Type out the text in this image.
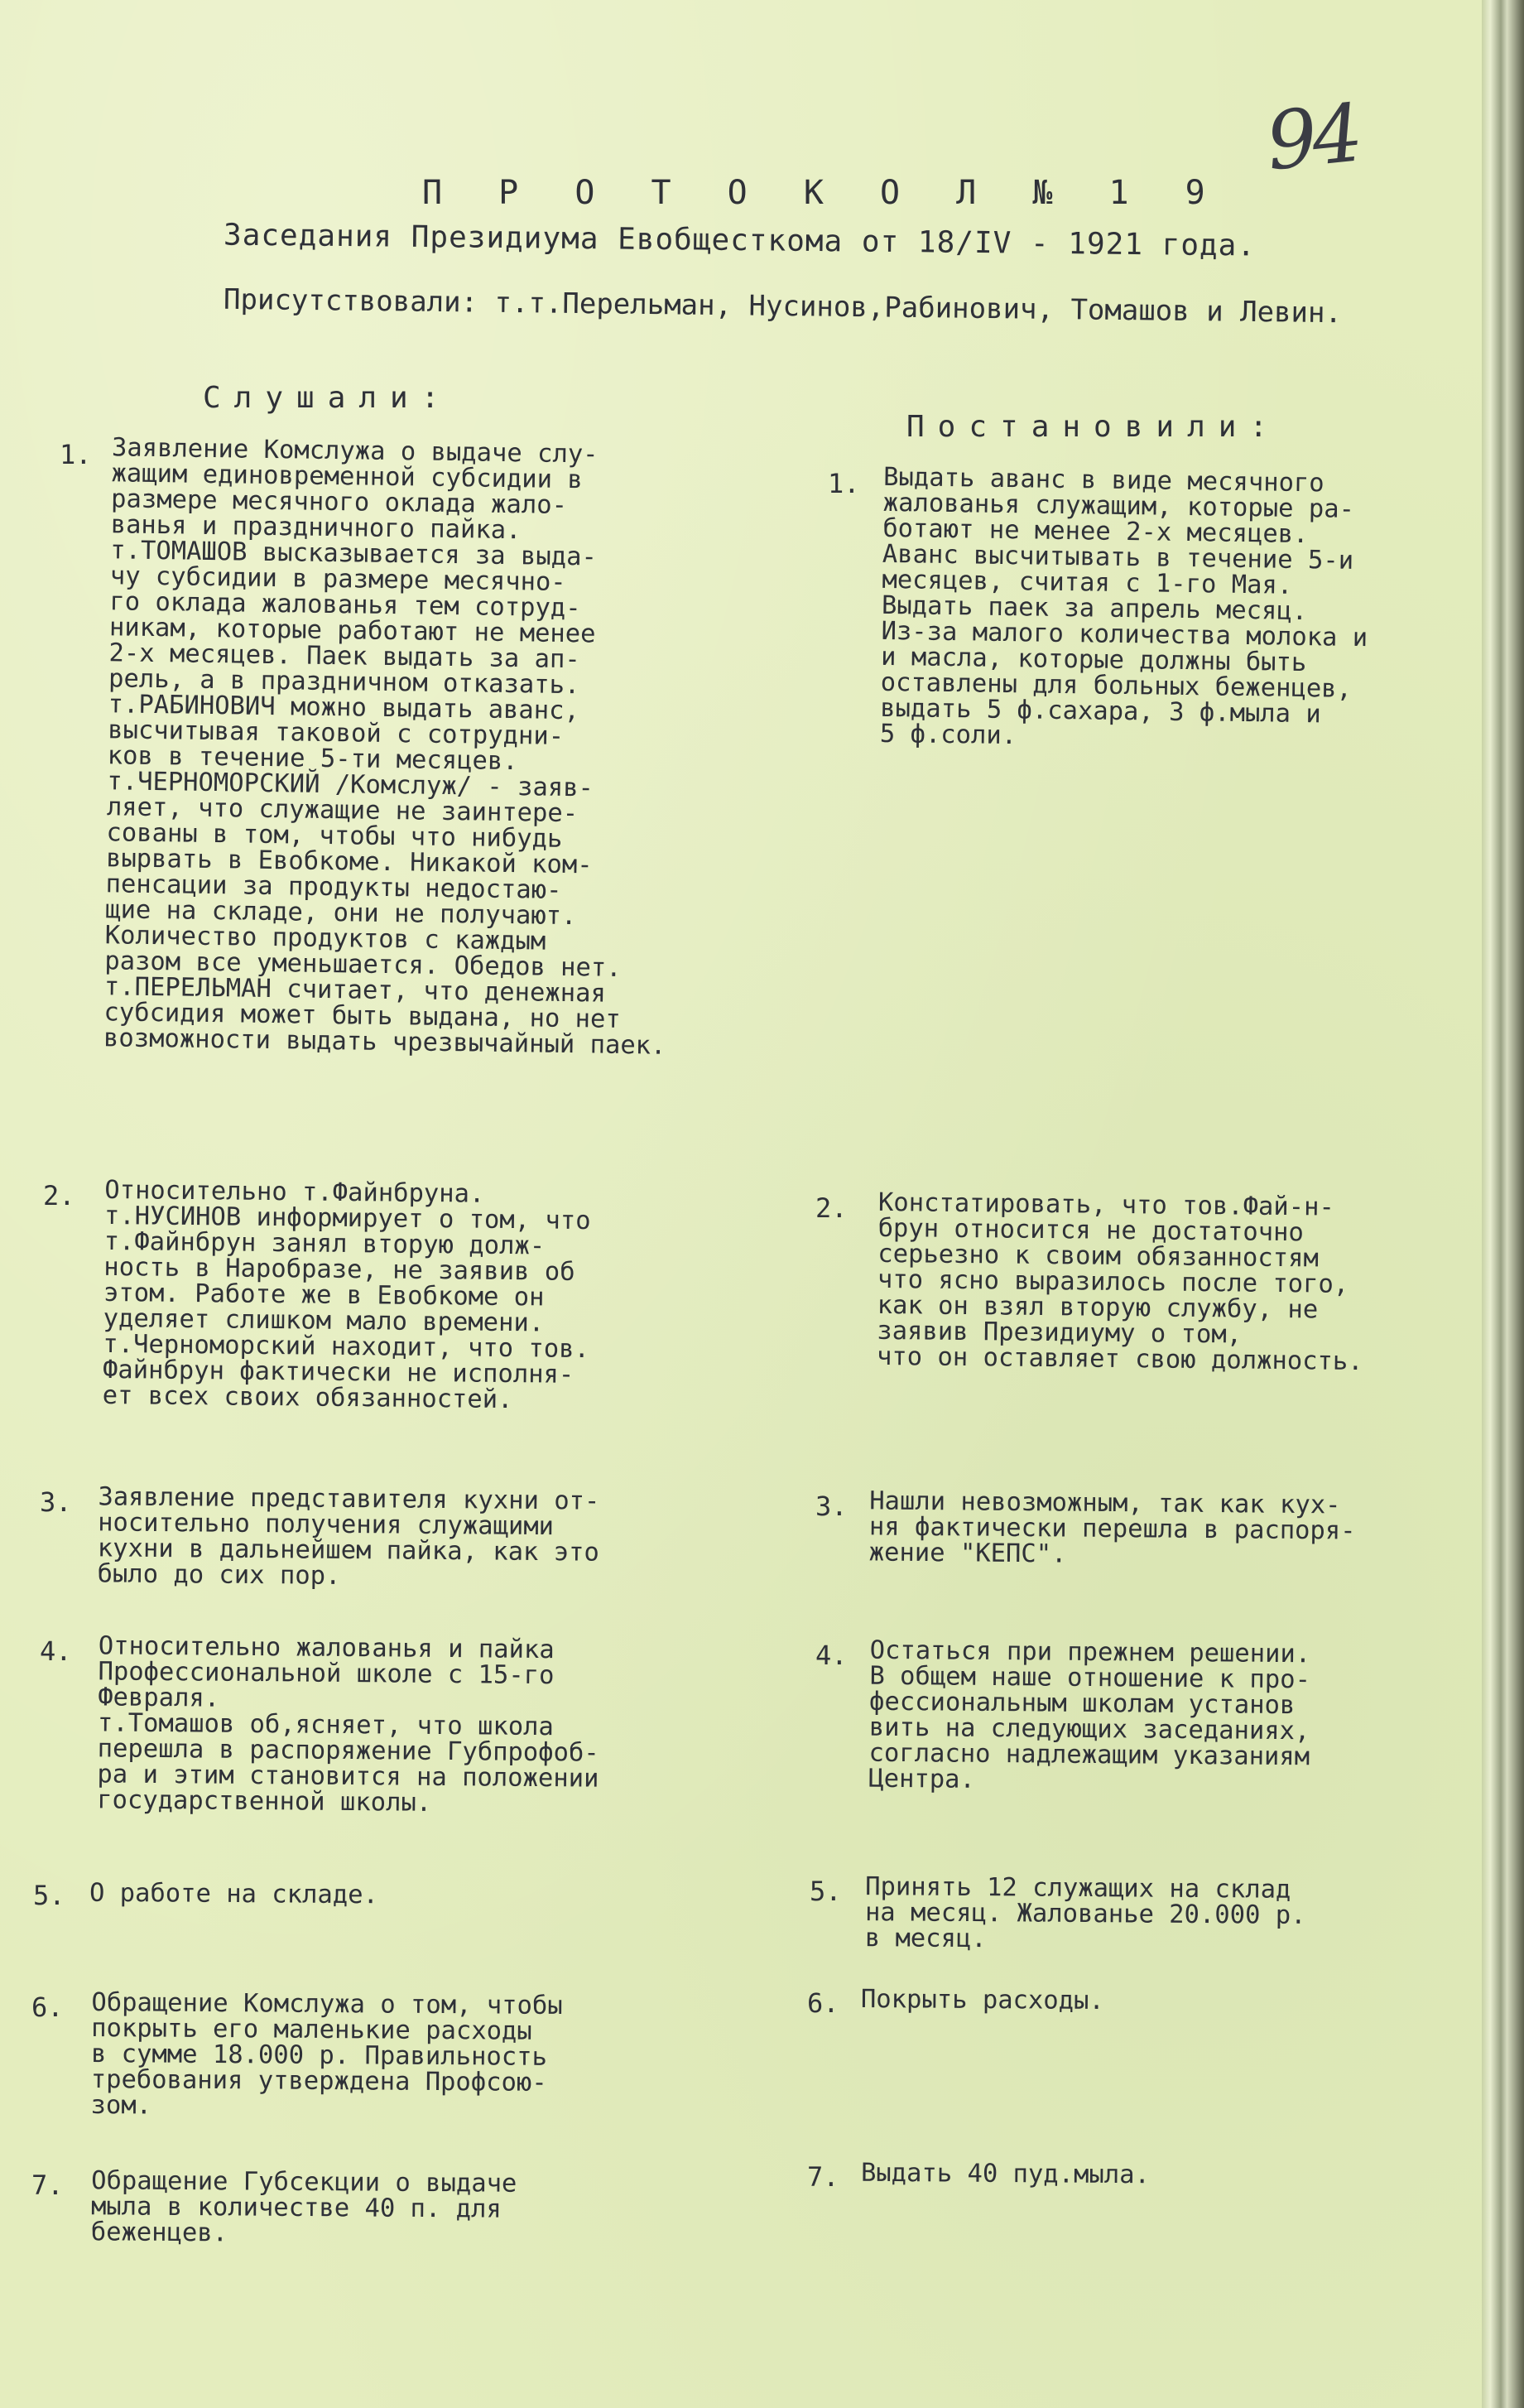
94
П Р О Т О К О Л № 1 9
Заседания Президиума Евобщесткома от 18/IV - 1921 года.
Присутствовали: т.т.Перельман, Нусинов,Рабинович, Томашов и Левин.
Слушали:
Постановили:
1. Заявление Комслужа о выдаче слу-
жащим единовременной субсидии в
размере месячного оклада жало-
ванья и праздничного пайка.
т.ТОМАШОВ высказывается за выда-
чу субсидии в размере месячно-
го оклада жалованья тем сотруд-
никам, которые работают не менее
2-х месяцев. Паек выдать за ап-
рель, а в праздничном отказать.
т.РАБИНОВИЧ можно выдать аванс,
высчитывая таковой с сотрудни-
ков в течение 5-ти месяцев.
т.ЧЕРНОМОРСКИЙ /Комслуж/ - заяв-
ляет, что служащие не заинтере-
сованы в том, чтобы что нибудь
вырвать в Евобкоме. Никакой ком-
пенсации за продукты недостаю-
щие на складе, они не получают.
Количество продуктов с каждым
разом все уменьшается. Обедов нет.
т.ПЕРЕЛЬМАН считает, что денежная
субсидия может быть выдана, но нет
возможности выдать чрезвычайный паек.
1. Выдать аванс в виде месячного
жалованья служащим, которые ра-
ботают не менее 2-х месяцев.
Аванс высчитывать в течение 5-и
месяцев, считая с 1-го Мая.
Выдать паек за апрель месяц.
Из-за малого количества молока и
и масла, которые должны быть
оставлены для больных беженцев,
выдать 5 ф.сахара, 3 ф.мыла и
5 ф.соли.
2. Относительно т.Файнбруна.
т.НУСИНОВ информирует о том, что
т.Файнбрун занял вторую долж-
ность в Наробразе, не заявив об
этом. Работе же в Евобкоме он
уделяет слишком мало времени.
т.Черноморский находит, что тов.
Файнбрун фактически не исполня-
ет всех своих обязанностей.
2. Констатировать, что тов.Фай-н-
брун относится не достаточно
серьезно к своим обязанностям
что ясно выразилось после того,
как он взял вторую службу, не
заявив Президиуму о том,
что он оставляет свою должность.
3. Заявление представителя кухни от-
носительно получения служащими
кухни в дальнейшем пайка, как это
было до сих пор.
3. Нашли невозможным, так как кух-
ня фактически перешла в распоря-
жение "КЕПС".
4. Относительно жалованья и пайка
Профессиональной школе с 15-го
Февраля.
т.Томашов об,ясняет, что школа
перешла в распоряжение Губпрофоб-
ра и этим становится на положении
государственной школы.
4. Остаться при прежнем решении.
В общем наше отношение к про-
фессиональным школам установ
вить на следующих заседаниях,
согласно надлежащим указаниям
Центра.
5. О работе на складе.	5. Принять 12 служащих на склад
на месяц. Жалованье 20.000 р.
в месяц.
6. Обращение Комслужа о том, чтобы
покрыть его маленькие расходы
в сумме 18.000 р. Правильность
требования утверждена Профсою-
зом.
6. Покрыть расходы.
7. Обращение Губсекции о выдаче
мыла в количестве 40 п. для
беженцев.
7. Выдать 40 пуд.мыла.
